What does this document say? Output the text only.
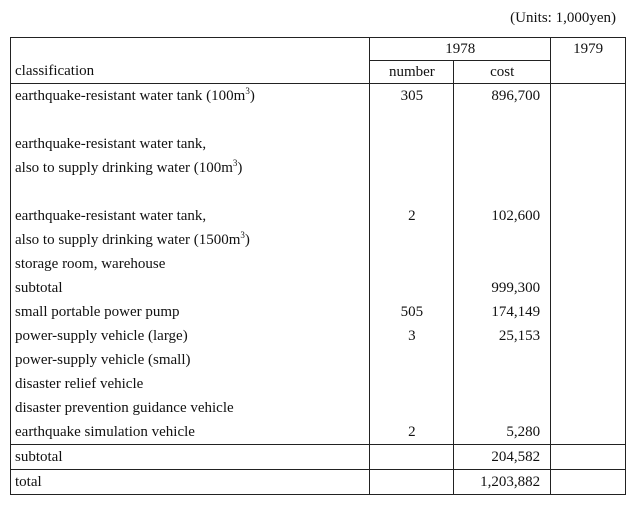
(Units: 1,000yen)
	1978		1979
classification	number	cost	
earthquake-resistant water tank $(100m^3)$	305	896,700	

earthquake-resistant water tank,			
also to supply drinking water $(100m^3)$			

earthquake-resistant water tank,	2	102,600	
also to supply drinking water $(1500m^3)$			
storage room, warehouse			
subtotal		999,300	
small portable power pump	505	174,149	
power-supply vehicle (large)	3	25,153	
power-supply vehicle (small)			
disaster relief vehicle			
disaster prevention guidance vehicle			
earthquake simulation vehicle	2	5,280	
subtotal		204,582	
total		1,203,882	
